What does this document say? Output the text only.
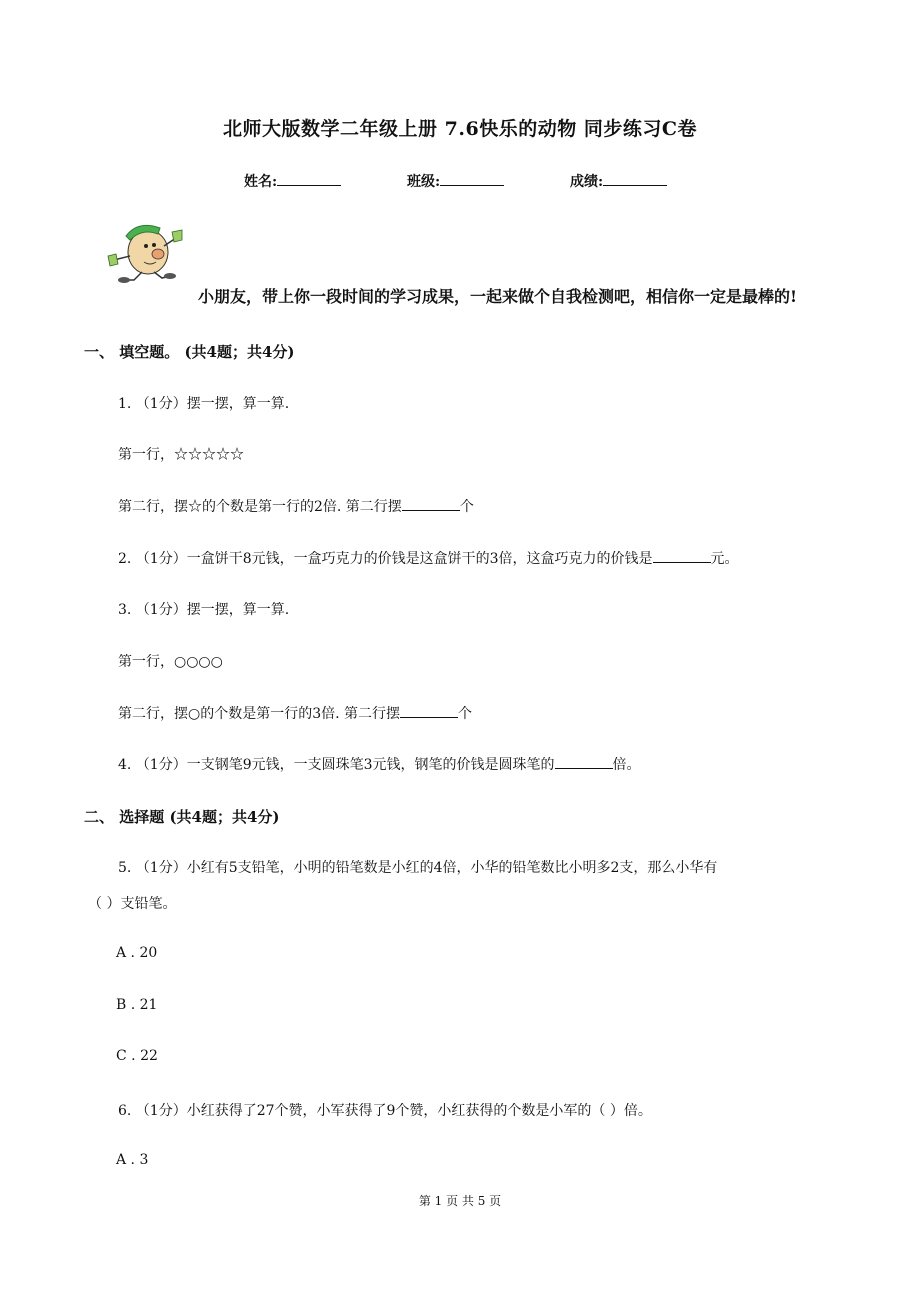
北师大版数学二年级上册 7.6快乐的动物 同步练习C卷
姓名:	班级:	成绩:
小朋友，带上你一段时间的学习成果，一起来做个自我检测吧，相信你一定是最棒的!
一、 填空题。 (共4题；共4分)
1. （1分）摆一摆，算一算.
第一行，☆☆☆☆☆
第二行，摆☆的个数是第一行的2倍. 第二行摆	个
2. （1分）一盒饼干8元钱，一盒巧克力的价钱是这盒饼干的3倍，这盒巧克力的价钱是	元。
3. （1分）摆一摆，算一算.
第一行，○○○○
第二行，摆○的个数是第一行的3倍. 第二行摆	个
4. （1分）一支钢笔9元钱，一支圆珠笔3元钱，钢笔的价钱是圆珠笔的	倍。
二、 选择题 (共4题；共4分)
5. （1分）小红有5支铅笔，小明的铅笔数是小红的4倍，小华的铅笔数比小明多2支，那么小华有
（ ）支铅笔。
A . 20
B . 21
C . 22
6. （1分）小红获得了27个赞，小军获得了9个赞，小红获得的个数是小军的（ ）倍。
A . 3
第 1 页 共 5 页
